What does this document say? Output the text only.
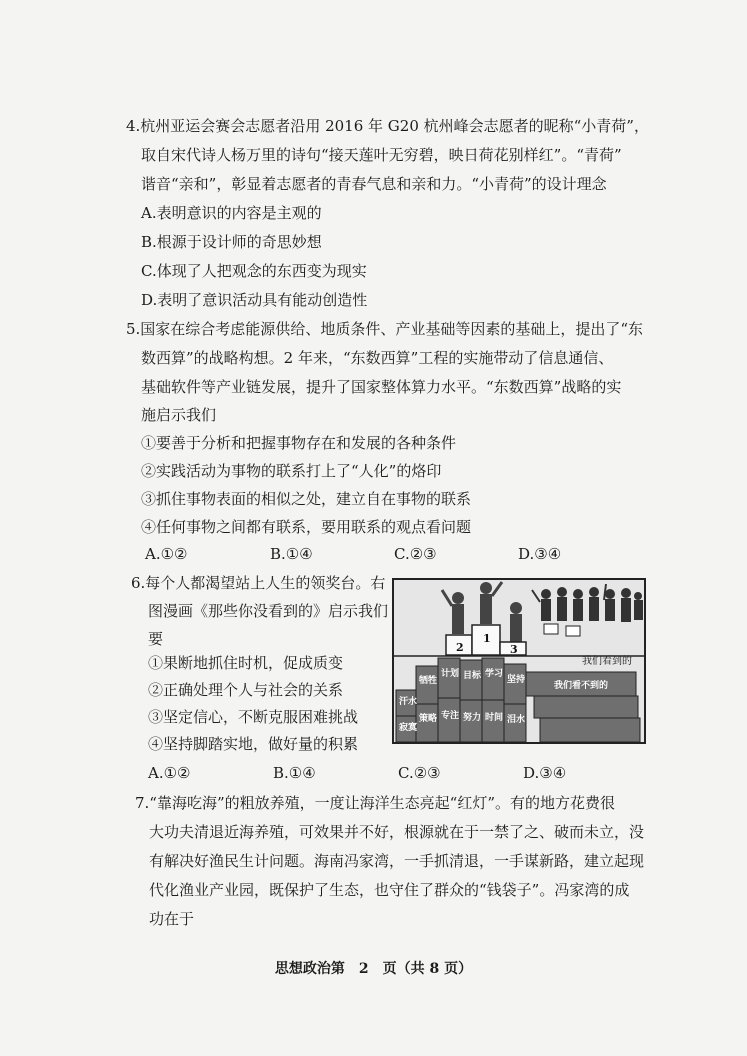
4.杭州亚运会赛会志愿者沿用 2016 年 G20 杭州峰会志愿者的昵称“小青荷”，
取自宋代诗人杨万里的诗句“接天莲叶无穷碧，映日荷花别样红”。“青荷”
谐音“亲和”，彰显着志愿者的青春气息和亲和力。“小青荷”的设计理念
A.表明意识的内容是主观的
B.根源于设计师的奇思妙想
C.体现了人把观念的东西变为现实
D.表明了意识活动具有能动创造性
5.国家在综合考虑能源供给、地质条件、产业基础等因素的基础上，提出了“东
数西算”的战略构想。2 年来，“东数西算”工程的实施带动了信息通信、
基础软件等产业链发展，提升了国家整体算力水平。“东数西算”战略的实
施启示我们
①要善于分析和把握事物存在和发展的各种条件
②实践活动为事物的联系打上了“人化”的烙印
③抓住事物表面的相似之处，建立自在事物的联系
④任何事物之间都有联系，要用联系的观点看问题
A.①②	B.①④	C.②③	D.③④
6.每个人都渴望站上人生的领奖台。右
图漫画《那些你没看到的》启示我们
要
①果断地抓住时机，促成质变
②正确处理个人与社会的关系
③坚定信心，不断克服困难挑战
④坚持脚踏实地，做好量的积累
2
1
3
我们看到的
汗水
寂寞
牺牲
策略
计划
专注
目标
努力
学习
时间 泪水
坚持
我们看不到的
A.①②	B.①④	C.②③	D.③④
7.“靠海吃海”的粗放养殖，一度让海洋生态亮起“红灯”。有的地方花费很
大功夫清退近海养殖，可效果并不好，根源就在于一禁了之、破而未立，没
有解决好渔民生计问题。海南冯家湾，一手抓清退，一手谋新路，建立起现
代化渔业产业园，既保护了生态，也守住了群众的“钱袋子”。冯家湾的成
功在于
思想政治第　2　页（共 8 页）
